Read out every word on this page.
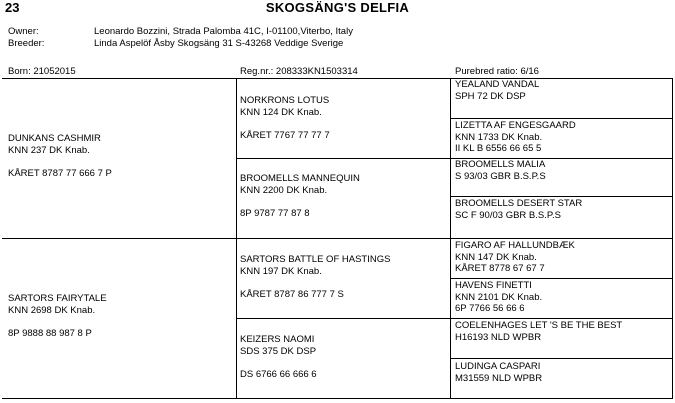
23	SKOGSÄNG'S DELFIA
Owner:	Leonardo Bozzini, Strada Palomba 41C, I-01100,Viterbo, Italy
Breeder:	Linda Aspelöf Åsby Skogsäng 31 S-43268 Veddige Sverige
Born: 21052015	Reg.nr.: 208333KN1503314	Purebred ratio: 6/16
DUNKANS CASHMIR
KNN 237 DK Knab.
KÅRET 8787 77 666 7 P
SARTORS FAIRYTALE
KNN 2698 DK Knab.
8P 9888 88 987 8 P
NORKRONS LOTUS
KNN 124 DK Knab.
KÅRET 7767 77 77 7
BROOMELLS MANNEQUIN
KNN 2200 DK Knab.
8P 9787 77 87 8
SARTORS BATTLE OF HASTINGS
KNN 197 DK Knab.
KÅRET 8787 86 777 7 S
KEIZERS NAOMI
SDS 375 DK DSP
DS 6766 66 666 6
YEALAND VANDAL
SPH 72 DK DSP
LIZETTA AF ENGESGAARD
KNN 1733 DK Knab.
II KL B 6556 66 65 5
BROOMELLS MALIA
S 93/03 GBR B.S.P.S
BROOMELLS DESERT STAR
SC F 90/03 GBR B.S.P.S
FIGARO AF HALLUNDBÆK
KNN 147 DK Knab.
KÅRET 8778 67 67 7
HAVENS FINETTI
KNN 2101 DK Knab.
6P 7766 56 66 6
COELENHAGES LET 'S BE THE BEST
H16193 NLD WPBR
LUDINGA CASPARI
M31559 NLD WPBR
